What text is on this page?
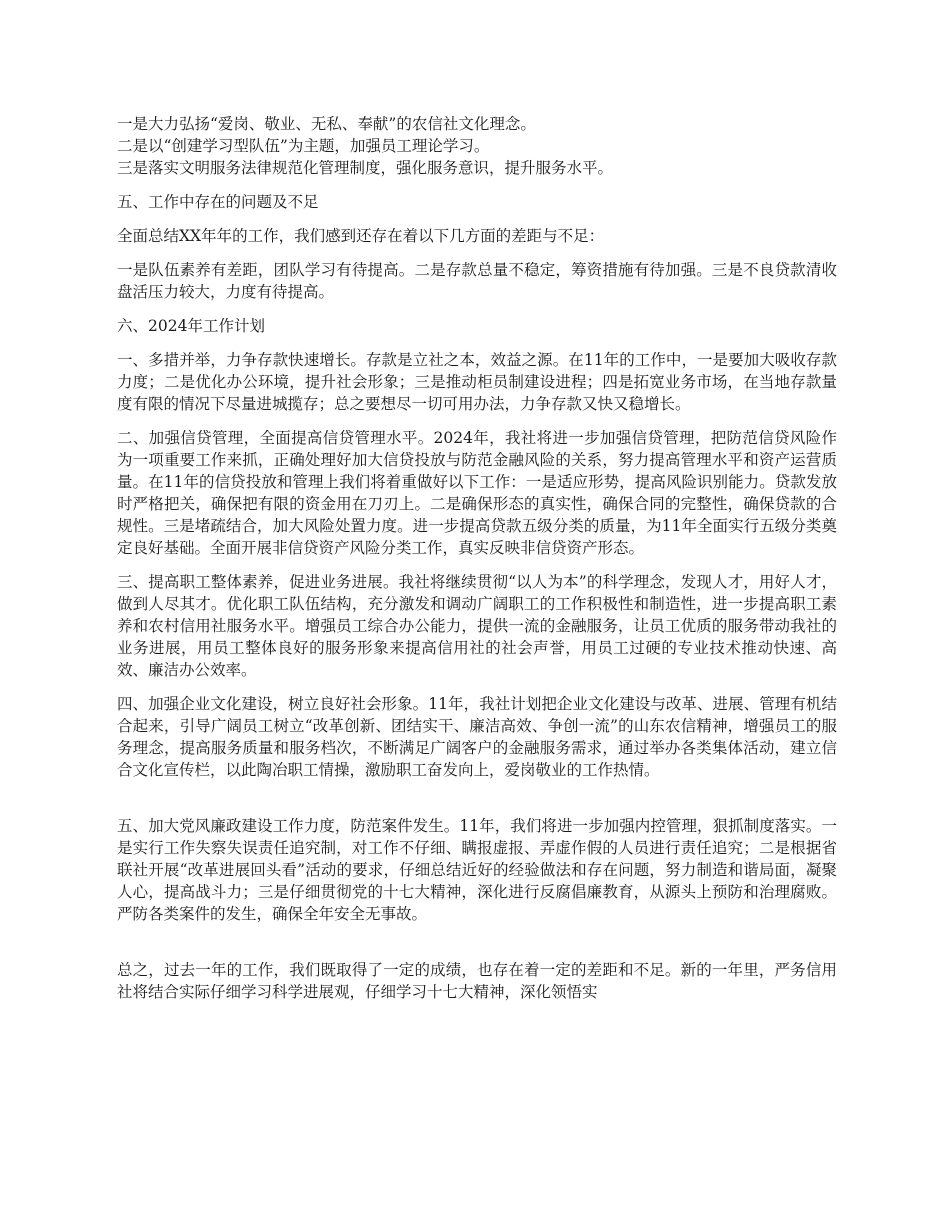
一是大力弘扬“爱岗、敬业、无私、奉献”的农信社文化理念。
二是以“创建学习型队伍”为主题，加强员工理论学习。
三是落实文明服务法律规范化管理制度，强化服务意识，提升服务水平。
五、工作中存在的问题及不足
全面总结XX年年的工作，我们感到还存在着以下几方面的差距与不足：
一是队伍素养有差距，团队学习有待提高。二是存款总量不稳定，筹资措施有待加强。三是不良贷款清收盘活压力较大，力度有待提高。
六、2024年工作计划
一、多措并举，力争存款快速增长。存款是立社之本，效益之源。在11年的工作中，一是要加大吸收存款力度；二是优化办公环境，提升社会形象；三是推动柜员制建设进程；四是拓宽业务市场，在当地存款量度有限的情况下尽量进城揽存；总之要想尽一切可用办法，力争存款又快又稳增长。
二、加强信贷管理，全面提高信贷管理水平。2024年，我社将进一步加强信贷管理，把防范信贷风险作为一项重要工作来抓，正确处理好加大信贷投放与防范金融风险的关系，努力提高管理水平和资产运营质量。在11年的信贷投放和管理上我们将着重做好以下工作：一是适应形势，提高风险识别能力。贷款发放时严格把关，确保把有限的资金用在刀刃上。二是确保形态的真实性，确保合同的完整性，确保贷款的合规性。三是堵疏结合，加大风险处置力度。进一步提高贷款五级分类的质量，为11年全面实行五级分类奠定良好基础。全面开展非信贷资产风险分类工作，真实反映非信贷资产形态。
三、提高职工整体素养，促进业务进展。我社将继续贯彻“以人为本”的科学理念，发现人才，用好人才，做到人尽其才。优化职工队伍结构，充分激发和调动广阔职工的工作积极性和制造性，进一步提高职工素养和农村信用社服务水平。增强员工综合办公能力，提供一流的金融服务，让员工优质的服务带动我社的业务进展，用员工整体良好的服务形象来提高信用社的社会声誉，用员工过硬的专业技术推动快速、高效、廉洁办公效率。
四、加强企业文化建设，树立良好社会形象。11年，我社计划把企业文化建设与改革、进展、管理有机结合起来，引导广阔员工树立“改革创新、团结实干、廉洁高效、争创一流”的山东农信精神，增强员工的服务理念，提高服务质量和服务档次，不断满足广阔客户的金融服务需求，通过举办各类集体活动，建立信合文化宣传栏，以此陶冶职工情操，激励职工奋发向上，爱岗敬业的工作热情。
五、加大党风廉政建设工作力度，防范案件发生。11年，我们将进一步加强内控管理，狠抓制度落实。一是实行工作失察失误责任追究制，对工作不仔细、瞒报虚报、弄虚作假的人员进行责任追究；二是根据省联社开展“改革进展回头看”活动的要求，仔细总结近好的经验做法和存在问题，努力制造和谐局面，凝聚人心，提高战斗力；三是仔细贯彻党的十七大精神，深化进行反腐倡廉教育，从源头上预防和治理腐败。严防各类案件的发生，确保全年安全无事故。
总之，过去一年的工作，我们既取得了一定的成绩，也存在着一定的差距和不足。新的一年里，严务信用社将结合实际仔细学习科学进展观，仔细学习十七大精神，深化领悟实
